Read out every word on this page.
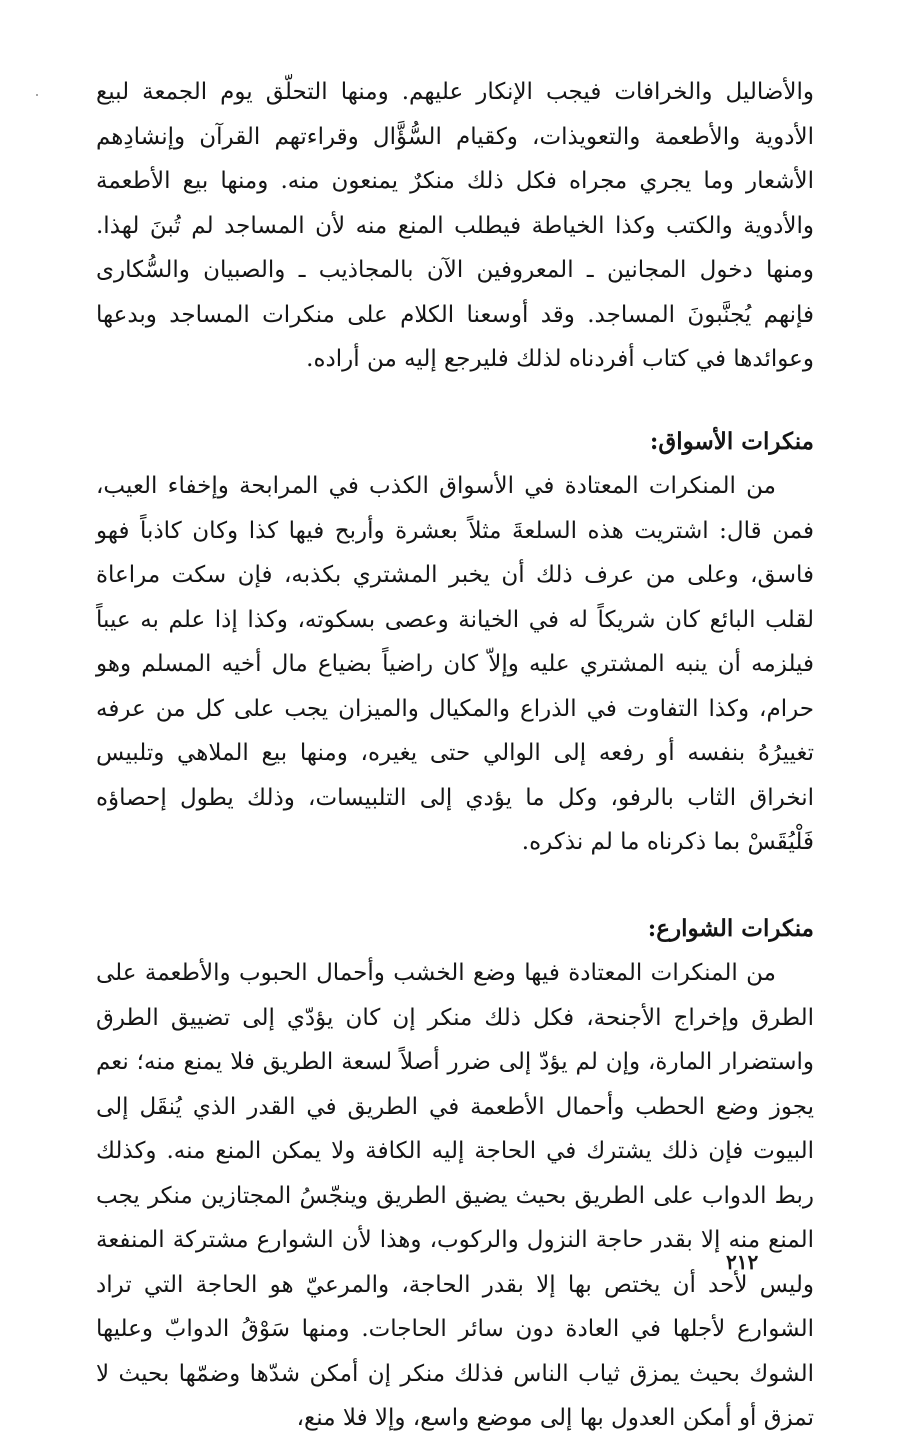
والأضاليل والخرافات فيجب الإنكار عليهم. ومنها التحلّق يوم الجمعة لبيع الأدوية والأطعمة والتعويذات، وكقيام السُّؤَّال وقراءتهم القرآن وإنشادِهم الأشعار وما يجري مجراه فكل ذلك منكرٌ يمنعون منه. ومنها بيع الأطعمة والأدوية والكتب وكذا الخياطة فيطلب المنع منه لأن المساجد لم تُبنَ لهذا. ومنها دخول المجانين ـ المعروفين الآن بالمجاذيب ـ والصبيان والسُّكارى فإنهم يُجنَّبونَ المساجد. وقد أوسعنا الكلام على منكرات المساجد وبدعها وعوائدها في كتاب أفردناه لذلك فليرجع إليه من أراده.

منكرات الأسواق:

من المنكرات المعتادة في الأسواق الكذب في المرابحة وإخفاء العيب، فمن قال: اشتريت هذه السلعةَ مثلاً بعشرة وأربح فيها كذا وكان كاذباً فهو فاسق، وعلى من عرف ذلك أن يخبر المشتري بكذبه، فإن سكت مراعاة لقلب البائع كان شريكاً له في الخيانة وعصى بسكوته، وكذا إذا علم به عيباً فيلزمه أن ينبه المشتري عليه وإلاّ كان راضياً بضياع مال أخيه المسلم وهو حرام، وكذا التفاوت في الذراع والمكيال والميزان يجب على كل من عرفه تغييرُهُ بنفسه أو رفعه إلى الوالي حتى يغيره، ومنها بيع الملاهي وتلبيس انخراق الثاب بالرفو، وكل ما يؤدي إلى التلبيسات، وذلك يطول إحصاؤه فَلْيُقَسْ بما ذكرناه ما لم نذكره.

منكرات الشوارع:

من المنكرات المعتادة فيها وضع الخشب وأحمال الحبوب والأطعمة على الطرق وإخراج الأجنحة، فكل ذلك منكر إن كان يؤدّي إلى تضييق الطرق واستضرار المارة، وإن لم يؤدّ إلى ضرر أصلاً لسعة الطريق فلا يمنع منه؛ نعم يجوز وضع الحطب وأحمال الأطعمة في الطريق في القدر الذي يُنقَل إلى البيوت فإن ذلك يشترك في الحاجة إليه الكافة ولا يمكن المنع منه. وكذلك ربط الدواب على الطريق بحيث يضيق الطريق وينجّسُ المجتازين منكر يجب المنع منه إلا بقدر حاجة النزول والركوب، وهذا لأن الشوارع مشتركة المنفعة وليس لأحد أن يختص بها إلا بقدر الحاجة، والمرعيّ هو الحاجة التي تراد الشوارع لأجلها في العادة دون سائر الحاجات. ومنها سَوْقُ الدوابّ وعليها الشوك بحيث يمزق ثياب الناس فذلك منكر إن أمكن شدّها وضمّها بحيث لا تمزق أو أمكن العدول بها إلى موضع واسع، وإلا فلا منع،

٢١٢
